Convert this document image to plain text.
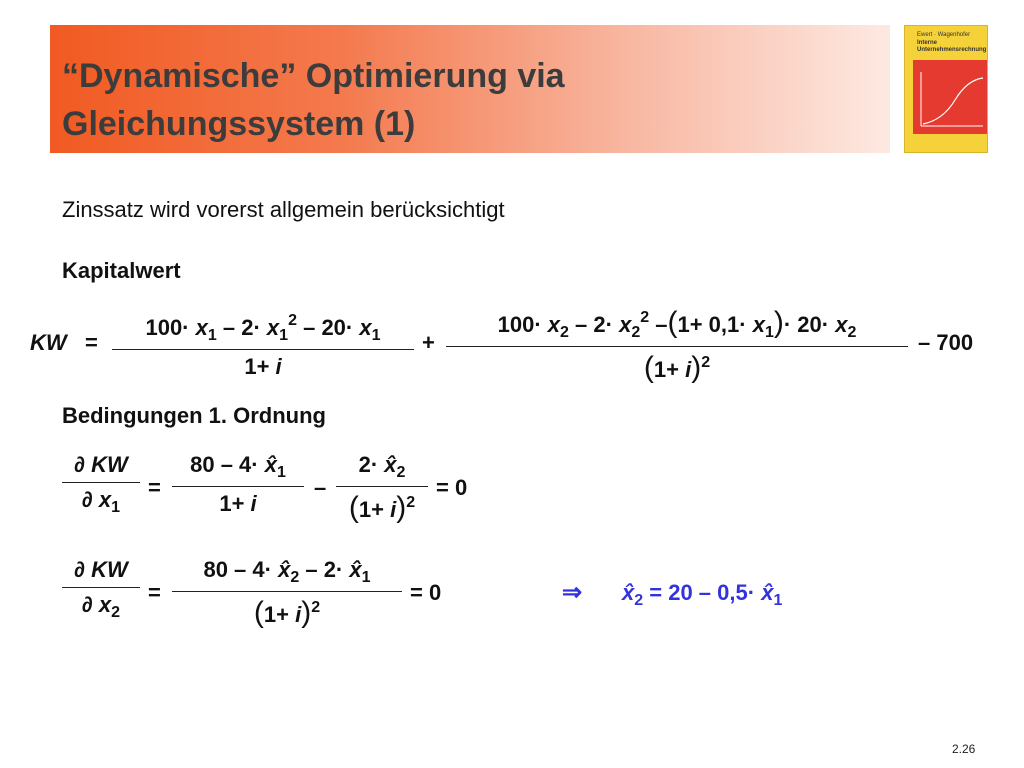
“Dynamische” Optimierung via Gleichungssystem (1)
Ewert · Wagenhofer
Interne Unternehmensrechnung
Zinssatz wird vorerst allgemein berücksichtigt
Kapitalwert
KW =
$100\cdot x_1 - 2\cdot x_1^2 - 20\cdot x_1$
1+ i
+
$100\cdot x_2 - 2\cdot x_2^2$ $-(1+ 0,1\cdot x_1)\cdot 20\cdot x_2$
$(1+ i)^2$
– 700
Bedingungen 1. Ordnung
∂ KW
∂ $x_1$
=
$80 - 4\cdot x̂_1$
1+ i
–
$2\cdot x̂_2$
$(1+ i)^2$
= 0
∂ KW
∂ $x_2$
=
$80 - 4\cdot x̂_2 - 2\cdot$ $x̂_1$
$(1+ i)^2$
= 0	⇒ $x̂_2 = 20 - 0,5\cdot$ $x̂_1$
2.26
